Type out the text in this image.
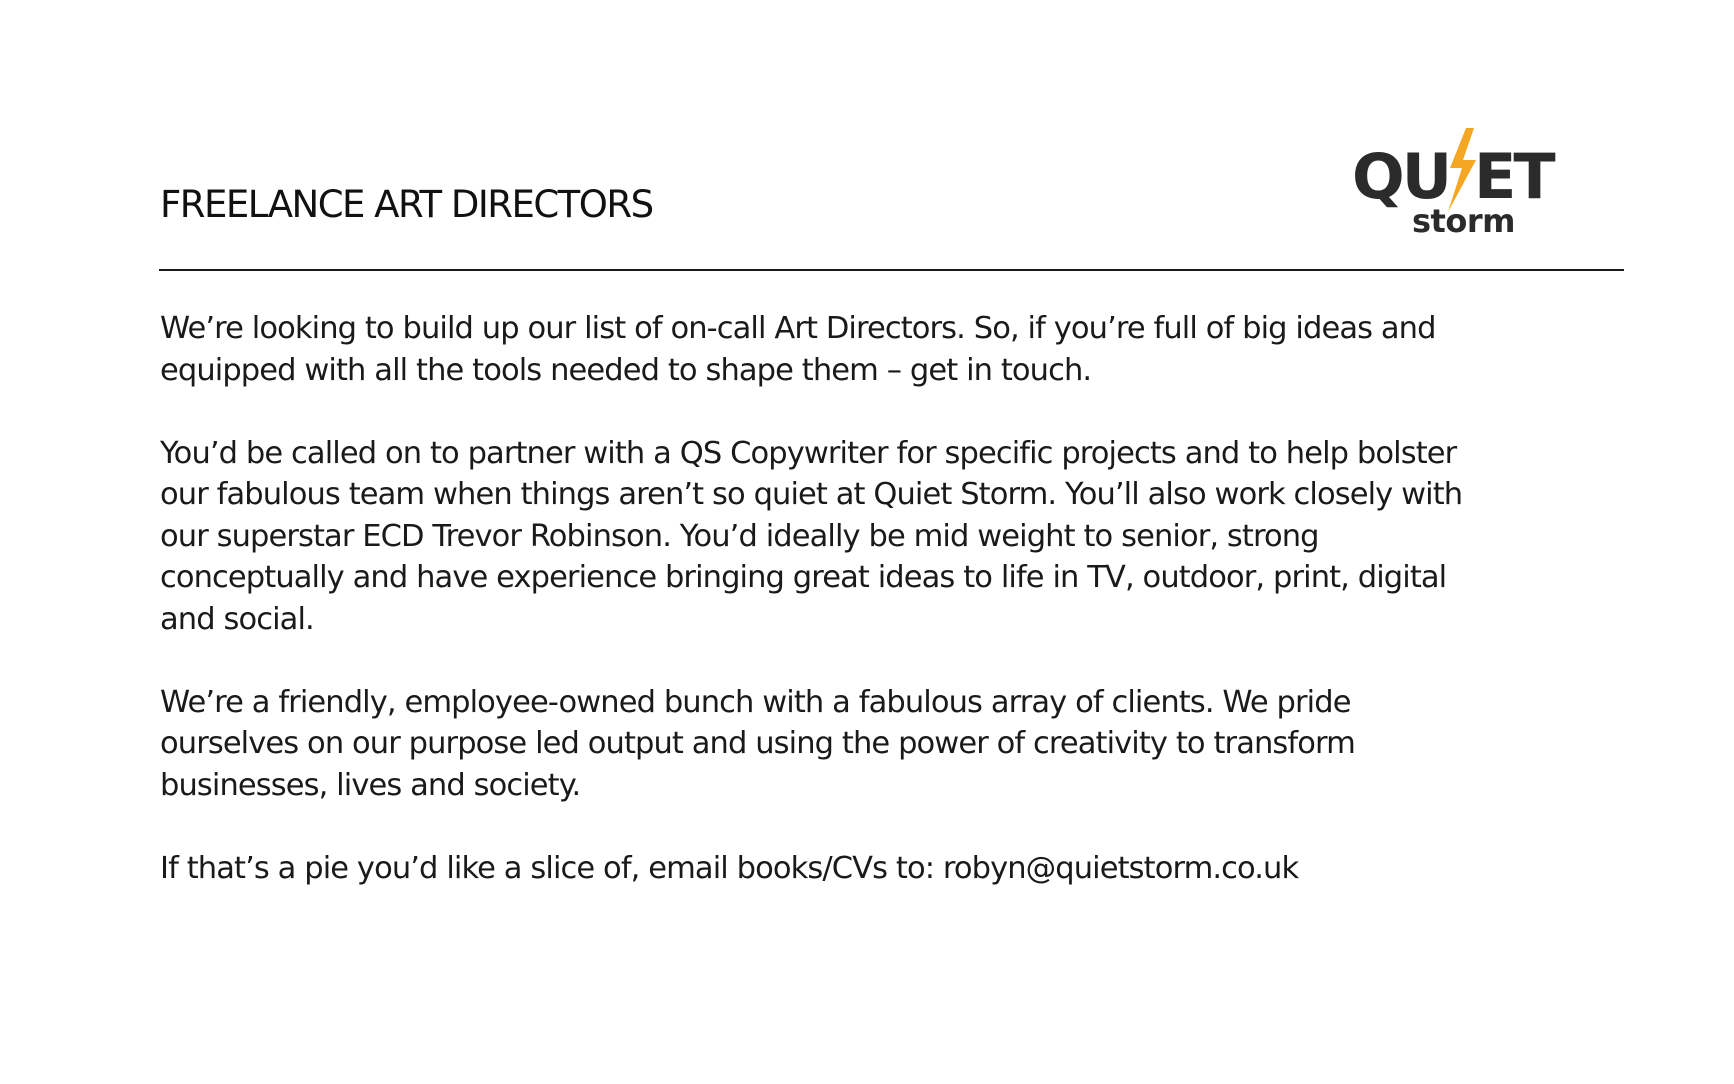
FREELANCE ART DIRECTORS	QU ET
storm

We’re looking to build up our list of on-call Art Directors. So, if you’re full of big ideas and
equipped with all the tools needed to shape them – get in touch.

You’d be called on to partner with a QS Copywriter for specific projects and to help bolster
our fabulous team when things aren’t so quiet at Quiet Storm. You’ll also work closely with
our superstar ECD Trevor Robinson. You’d ideally be mid weight to senior, strong
conceptually and have experience bringing great ideas to life in TV, outdoor, print, digital
and social.

We’re a friendly, employee-owned bunch with a fabulous array of clients. We pride
ourselves on our purpose led output and using the power of creativity to transform
businesses, lives and society.

If that’s a pie you’d like a slice of, email books/CVs to: robyn@quietstorm.co.uk
